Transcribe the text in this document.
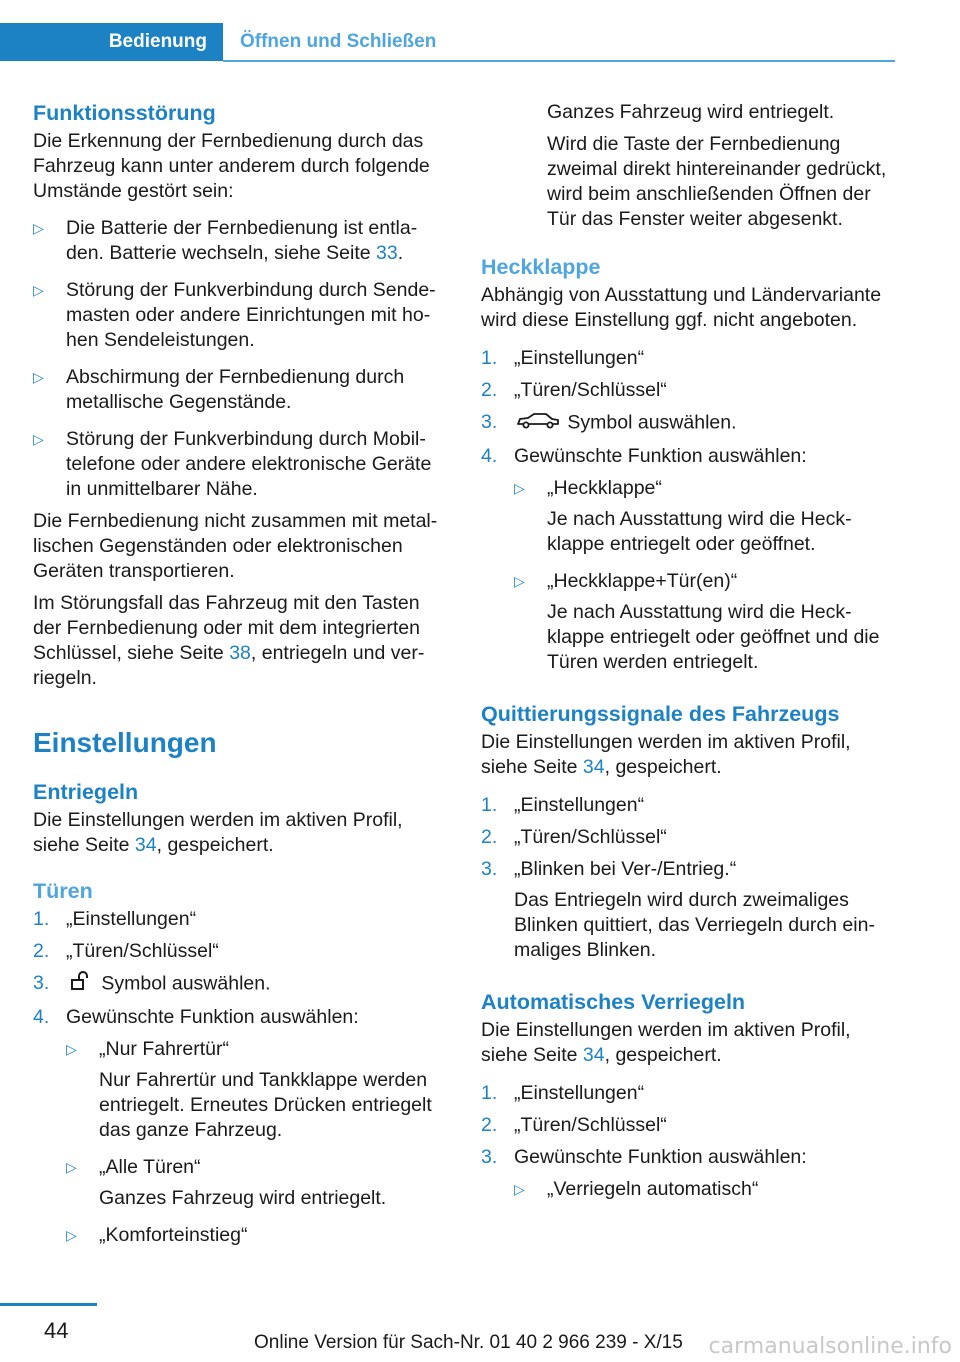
Bedienung	Öffnen und Schließen
Funktionsstörung

Die Erkennung der Fernbedienung durch das Fahrzeug kann unter anderem durch folgende Umstände gestört sein:

▷ Die Batterie der Fernbedienung ist entladen. Batterie wechseln, siehe Seite 33.
▷ Störung der Funkverbindung durch Sendemasten oder andere Einrichtungen mit hohen Sendeleistungen.
▷ Abschirmung der Fernbedienung durch metallische Gegenstände.
▷ Störung der Funkverbindung durch Mobiltelefone oder andere elektronische Geräte in unmittelbarer Nähe.

Die Fernbedienung nicht zusammen mit metallischen Gegenständen oder elektronischen Geräten transportieren.

Im Störungsfall das Fahrzeug mit den Tasten der Fernbedienung oder mit dem integrierten Schlüssel, siehe Seite 38, entriegeln und verriegeln.

Einstellungen
Entriegeln

Die Einstellungen werden im aktiven Profil, siehe Seite 34, gespeichert.

Türen
1. „Einstellungen“
2. „Türen/Schlüssel“
3.	Symbol auswählen.
4. Gewünschte Funktion auswählen:
▷ „Nur Fahrertür“
Nur Fahrertür und Tankklappe werden entriegelt. Erneutes Drücken entriegelt das ganze Fahrzeug.
▷ „Alle Türen“
Ganzes Fahrzeug wird entriegelt.
▷ „Komforteinstieg“

Ganzes Fahrzeug wird entriegelt.

Wird die Taste der Fernbedienung zweimal direkt hintereinander gedrückt, wird beim anschließenden Öffnen der Tür das Fenster weiter abgesenkt.

Heckklappe

Abhängig von Ausstattung und Ländervariante wird diese Einstellung ggf. nicht angeboten.

1. „Einstellungen“
2. „Türen/Schlüssel“
3.	Symbol auswählen.
4. Gewünschte Funktion auswählen:
▷ „Heckklappe“
Je nach Ausstattung wird die Heckklappe entriegelt oder geöffnet.
▷ „Heckklappe+Tür(en)“
Je nach Ausstattung wird die Heckklappe entriegelt oder geöffnet und die Türen werden entriegelt.
Quittierungssignale des Fahrzeugs

Die Einstellungen werden im aktiven Profil, siehe Seite 34, gespeichert.

1. „Einstellungen“
2. „Türen/Schlüssel“
3. „Blinken bei Ver-/Entrieg.“
Das Entriegeln wird durch zweimaliges Blinken quittiert, das Verriegeln durch einmaliges Blinken.
Automatisches Verriegeln

Die Einstellungen werden im aktiven Profil, siehe Seite 34, gespeichert.

1. „Einstellungen“
2. „Türen/Schlüssel“
3. Gewünschte Funktion auswählen:
▷ „Verriegeln automatisch“
44	Online Version für Sach-Nr. 01 40 2 966 239 - X/15 carmanualsonline.info
